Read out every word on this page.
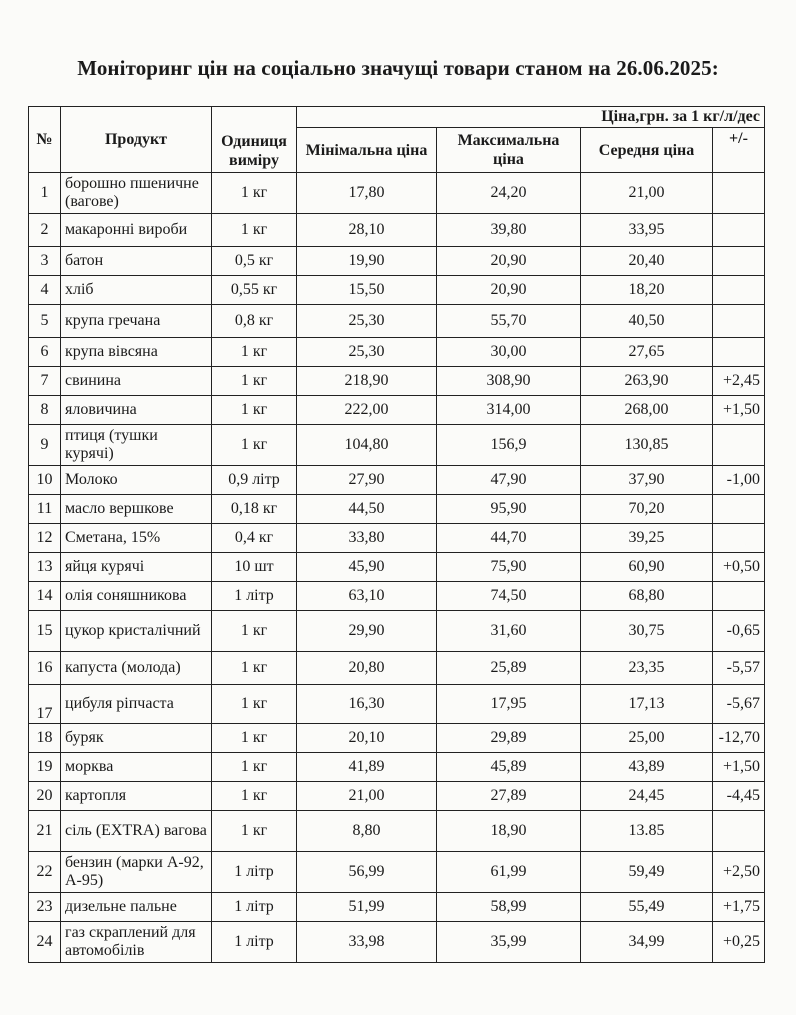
Моніторинг цін на соціально значущі товари станом на 26.06.2025:
№	Продукт	Одиниця виміру	Ціна,грн. за 1 кг/л/дес			
			Мінімальна ціна	Максимальна ціна	Середня ціна	+/-
1	борошно пшеничне (вагове)	1 кг	17,80	24,20	21,00	
2	макаронні вироби	1 кг	28,10	39,80	33,95	
3	батон	0,5 кг	19,90	20,90	20,40	
4	хліб	0,55 кг	15,50	20,90	18,20	
5	крупа гречана	0,8 кг	25,30	55,70	40,50	
6	крупа вівсяна	1 кг	25,30	30,00	27,65	
7	свинина	1 кг	218,90	308,90	263,90	+2,45
8	яловичина	1 кг	222,00	314,00	268,00	+1,50
9	птиця (тушки курячі)	1 кг	104,80	156,9	130,85	
10	Молоко	0,9 літр	27,90	47,90	37,90	-1,00
11	масло вершкове	0,18 кг	44,50	95,90	70,20	
12	Сметана, 15%	0,4 кг	33,80	44,70	39,25	
13	яйця курячі	10 шт	45,90	75,90	60,90	+0,50
14	олія соняшникова	1 літр	63,10	74,50	68,80	
15	цукор кристалічний	1 кг	29,90	31,60	30,75	-0,65
16	капуста (молода)	1 кг	20,80	25,89	23,35	-5,57
17	цибуля ріпчаста	1 кг	16,30	17,95	17,13	-5,67
18	буряк	1 кг	20,10	29,89	25,00	-12,70
19	морква	1 кг	41,89	45,89	43,89	+1,50
20	картопля	1 кг	21,00	27,89	24,45	-4,45
21	сіль (EXTRA) вагова	1 кг	8,80	18,90	13.85	
22	бензин (марки А-92, А-95)	1 літр	56,99	61,99	59,49	+2,50
23	дизельне пальне	1 літр	51,99	58,99	55,49	+1,75
24	газ скраплений для автомобілів	1 літр	33,98	35,99	34,99	+0,25
